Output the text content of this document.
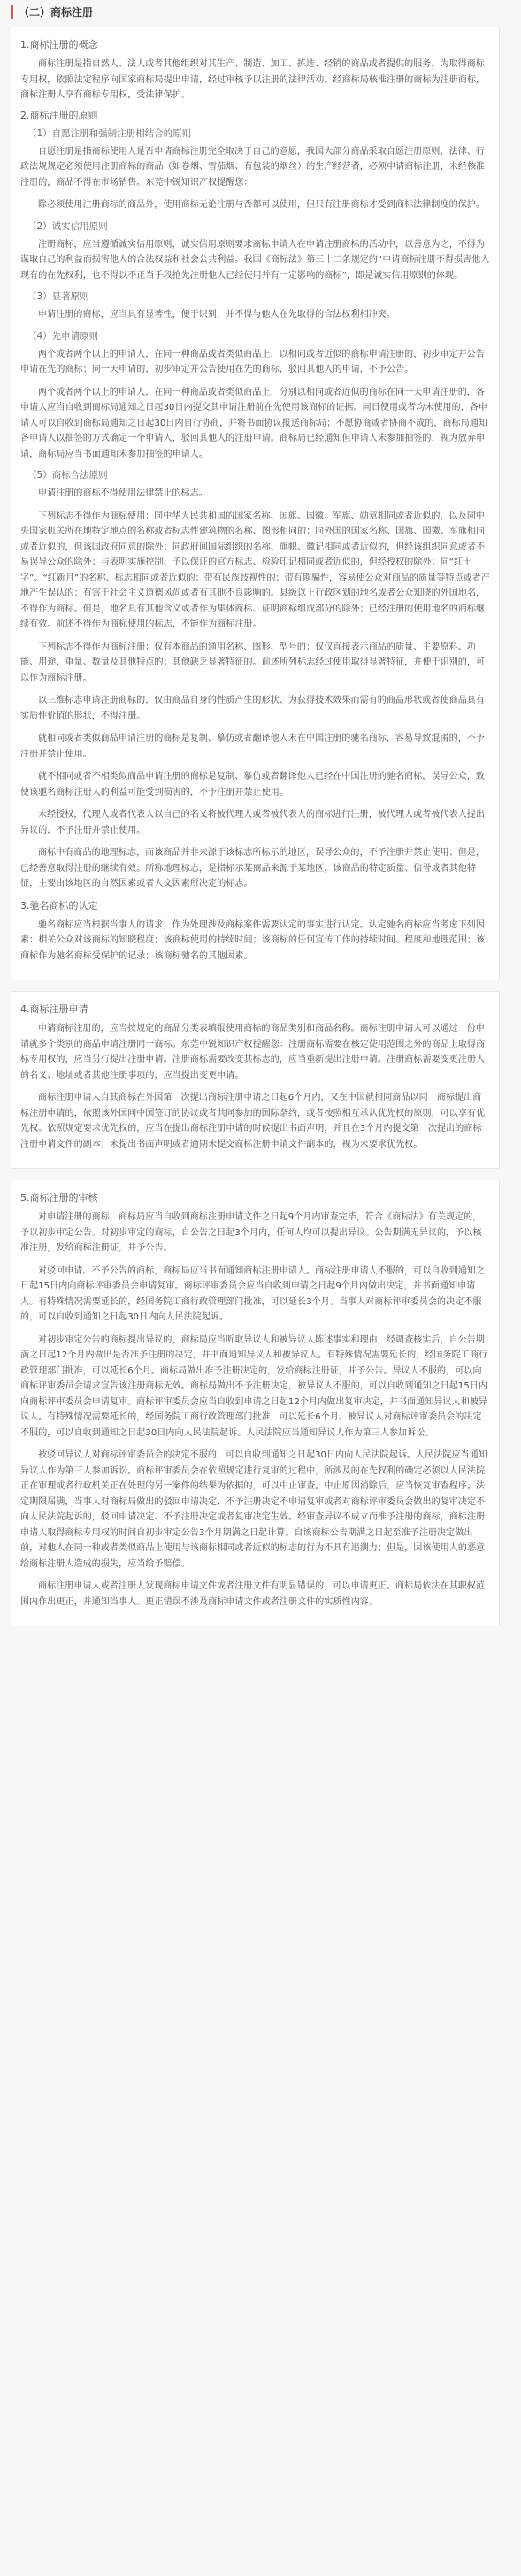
（二）商标注册
1.商标注册的概念

商标注册是指自然人、法人或者其他组织对其生产、制造、加工、拣选、经销的商品或者提供的服务，为取得商标专用权，依照法定程序向国家商标局提出申请，经过审核予以注册的法律活动。经商标局核准注册的商标为注册商标，商标注册人享有商标专用权，受法律保护。

2.商标注册的原则
（1）自愿注册和强制注册相结合的原则

自愿注册是指商标使用人是否申请商标注册完全取决于自己的意愿，我国大部分商品采取自愿注册原则，法律、行政法规规定必须使用注册商标的商品（如卷烟、雪茄烟、有包装的烟丝）的生产经营者，必须申请商标注册，未经核准注册的，商品不得在市场销售。东莞中锐知识产权提醒您：

除必须使用注册商标的商品外，使用商标无论注册与否都可以使用，但只有注册商标才受到商标法律制度的保护。

（2）诚实信用原则

注册商标，应当遵循诚实信用原则，诚实信用原则要求商标申请人在申请注册商标的活动中，以善意为之，不得为谋取自己的利益而损害他人的合法权益和社会公共利益。我国《商标法》第三十二条规定的“申请商标注册不得损害他人现有的在先权利，也不得以不正当手段抢先注册他人已经使用并有一定影响的商标”，即是诚实信用原则的体现。

（3）显著原则

申请注册的商标，应当具有显著性，便于识别，并不得与他人在先取得的合法权利相冲突。

（4）先申请原则

两个或者两个以上的申请人，在同一种商品或者类似商品上，以相同或者近似的商标申请注册的，初步审定并公告申请在先的商标；同一天申请的，初步审定并公告使用在先的商标，驳回其他人的申请，不予公告。

两个或者两个以上的申请人，在同一种商品或者类似商品上，分别以相同或者近似的商标在同一天申请注册的，各申请人应当自收到商标局通知之日起30日内提交其申请注册前在先使用该商标的证据。同日使用或者均未使用的，各申请人可以自收到商标局通知之日起30日内自行协商，并将书面协议报送商标局；不愿协商或者协商不成的，商标局通知各申请人以抽签的方式确定一个申请人，驳回其他人的注册申请。商标局已经通知但申请人未参加抽签的，视为放弃申请，商标局应当书面通知未参加抽签的申请人。

（5）商标合法原则

申请注册的商标不得使用法律禁止的标志。

下列标志不得作为商标使用：同中华人民共和国的国家名称、国旗、国徽、军旗、勋章相同或者近似的，以及同中央国家机关所在地特定地点的名称或者标志性建筑物的名称、图形相同的；同外国的国家名称、国旗、国徽、军旗相同或者近似的，但该国政府同意的除外；同政府间国际组织的名称、旗帜、徽记相同或者近似的，但经该组织同意或者不易误导公众的除外；与表明实施控制、予以保证的官方标志、检验印记相同或者近似的，但经授权的除外；同“红十字”、“红新月”的名称、标志相同或者近似的；带有民族歧视性的；带有欺骗性，容易使公众对商品的质量等特点或者产地产生误认的；有害于社会主义道德风尚或者有其他不良影响的。县级以上行政区划的地名或者公众知晓的外国地名，不得作为商标。但是，地名具有其他含义或者作为集体商标、证明商标组成部分的除外；已经注册的使用地名的商标继续有效。前述不得作为商标使用的标志，不能作为商标注册。

下列标志不得作为商标注册：仅有本商品的通用名称、图形、型号的；仅仅直接表示商品的质量、主要原料、功能、用途、重量、数量及其他特点的；其他缺乏显著特征的。前述所列标志经过使用取得显著特征，并便于识别的，可以作为商标注册。

以三维标志申请注册商标的，仅由商品自身的性质产生的形状、为获得技术效果而需有的商品形状或者使商品具有实质性价值的形状，不得注册。

就相同或者类似商品申请注册的商标是复制、摹仿或者翻译他人未在中国注册的驰名商标，容易导致混淆的，不予注册并禁止使用。

就不相同或者不相类似商品申请注册的商标是复制、摹仿或者翻译他人已经在中国注册的驰名商标，误导公众，致使该驰名商标注册人的利益可能受到损害的，不予注册并禁止使用。

未经授权，代理人或者代表人以自己的名义将被代理人或者被代表人的商标进行注册，被代理人或者被代表人提出异议的，不予注册并禁止使用。

商标中有商品的地理标志，而该商品并非来源于该标志所标示的地区，误导公众的，不予注册并禁止使用；但是，已经善意取得注册的继续有效。所称地理标志，是指标示某商品来源于某地区，该商品的特定质量、信誉或者其他特征，主要由该地区的自然因素或者人文因素所决定的标志。

3.驰名商标的认定

驰名商标应当根据当事人的请求，作为处理涉及商标案件需要认定的事实进行认定。认定驰名商标应当考虑下列因素：相关公众对该商标的知晓程度；该商标使用的持续时间；该商标的任何宣传工作的持续时间、程度和地理范围；该商标作为驰名商标受保护的记录；该商标驰名的其他因素。

4.商标注册申请

申请商标注册的，应当按规定的商品分类表填报使用商标的商品类别和商品名称。商标注册申请人可以通过一份申请就多个类别的商品申请注册同一商标。东莞中锐知识产权提醒您：注册商标需要在核定使用范围之外的商品上取得商标专用权的，应当另行提出注册申请。注册商标需要改变其标志的，应当重新提出注册申请。注册商标需要变更注册人的名义、地址或者其他注册事项的，应当提出变更申请。

商标注册申请人自其商标在外国第一次提出商标注册申请之日起6个月内，又在中国就相同商品以同一商标提出商标注册申请的，依照该外国同中国签订的协议或者共同参加的国际条约，或者按照相互承认优先权的原则，可以享有优先权。依照规定要求优先权的，应当在提出商标注册申请的时候提出书面声明，并且在3个月内提交第一次提出的商标注册申请文件的副本；未提出书面声明或者逾期未提交商标注册申请文件副本的，视为未要求优先权。

5.商标注册的审核

对申请注册的商标，商标局应当自收到商标注册申请文件之日起9个月内审查完毕，符合《商标法》有关规定的，予以初步审定公告。对初步审定的商标，自公告之日起3个月内，任何人均可以提出异议。公告期满无异议的，予以核准注册，发给商标注册证，并予公告。

对驳回申请、不予公告的商标，商标局应当书面通知商标注册申请人。商标注册申请人不服的，可以自收到通知之日起15日内向商标评审委员会申请复审。商标评审委员会应当自收到申请之日起9个月内做出决定，并书面通知申请人。有特殊情况需要延长的，经国务院工商行政管理部门批准，可以延长3个月。当事人对商标评审委员会的决定不服的，可以自收到通知之日起30日内向人民法院起诉。

对初步审定公告的商标提出异议的，商标局应当听取异议人和被异议人陈述事实和理由，经调查核实后，自公告期满之日起12个月内做出是否准予注册的决定，并书面通知异议人和被异议人。有特殊情况需要延长的，经国务院工商行政管理部门批准，可以延长6个月。商标局做出准予注册决定的，发给商标注册证，并予公告。异议人不服的，可以向商标评审委员会请求宣告该注册商标无效。商标局做出不予注册决定，被异议人不服的，可以自收到通知之日起15日内向商标评审委员会申请复审。商标评审委员会应当自收到申请之日起12个月内做出复审决定，并书面通知异议人和被异议人。有特殊情况需要延长的，经国务院工商行政管理部门批准，可以延长6个月。被异议人对商标评审委员会的决定不服的，可以自收到通知之日起30日内向人民法院起诉。人民法院应当通知异议人作为第三人参加诉讼。

被驳回异议人对商标评审委员会的决定不服的，可以自收到通知之日起30日内向人民法院起诉。人民法院应当通知异议人作为第三人参加诉讼。商标评审委员会在依照规定进行复审的过程中，所涉及的在先权利的确定必须以人民法院正在审理或者行政机关正在处理的另一案件的结果为依据的，可以中止审查。中止原因消除后，应当恢复审查程序。法定期限届满，当事人对商标局做出的驳回申请决定、不予注册决定不申请复审或者对商标评审委员会做出的复审决定不向人民法院起诉的，驳回申请决定、不予注册决定或者复审决定生效。经审查异议不成立而准予注册的商标，商标注册申请人取得商标专用权的时间自初步审定公告3个月期满之日起计算。自该商标公告期满之日起至准予注册决定做出前，对他人在同一种或者类似商品上使用与该商标相同或者近似的标志的行为不具有追溯力；但是，因该使用人的恶意给商标注册人造成的损失，应当给予赔偿。

商标注册申请人或者注册人发现商标申请文件或者注册文件有明显错误的，可以申请更正。商标局依法在其职权范围内作出更正，并通知当事人。更正错误不涉及商标申请文件或者注册文件的实质性内容。
